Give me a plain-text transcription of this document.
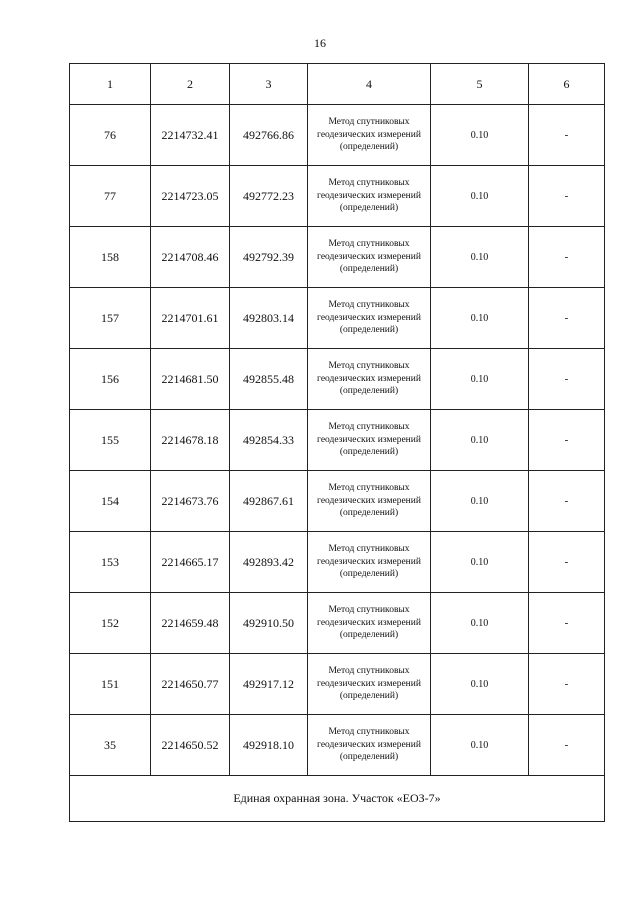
16
1	2	3	4	5	6
76	2214732.41	492766.86	Метод спутниковых геодезических измерений (определений)	0.10	-
77	2214723.05	492772.23	Метод спутниковых геодезических измерений (определений)	0.10	-
158	2214708.46	492792.39	Метод спутниковых геодезических измерений (определений)	0.10	-
157	2214701.61	492803.14	Метод спутниковых геодезических измерений (определений)	0.10	-
156	2214681.50	492855.48	Метод спутниковых геодезических измерений (определений)	0.10	-
155	2214678.18	492854.33	Метод спутниковых геодезических измерений (определений)	0.10	-
154	2214673.76	492867.61	Метод спутниковых геодезических измерений (определений)	0.10	-
153	2214665.17	492893.42	Метод спутниковых геодезических измерений (определений)	0.10	-
152	2214659.48	492910.50	Метод спутниковых геодезических измерений (определений)	0.10	-
151	2214650.77	492917.12	Метод спутниковых геодезических измерений (определений)	0.10	-
35	2214650.52	492918.10	Метод спутниковых геодезических измерений (определений)	0.10	-
Единая охранная зона. Участок «ЕОЗ-7»					
